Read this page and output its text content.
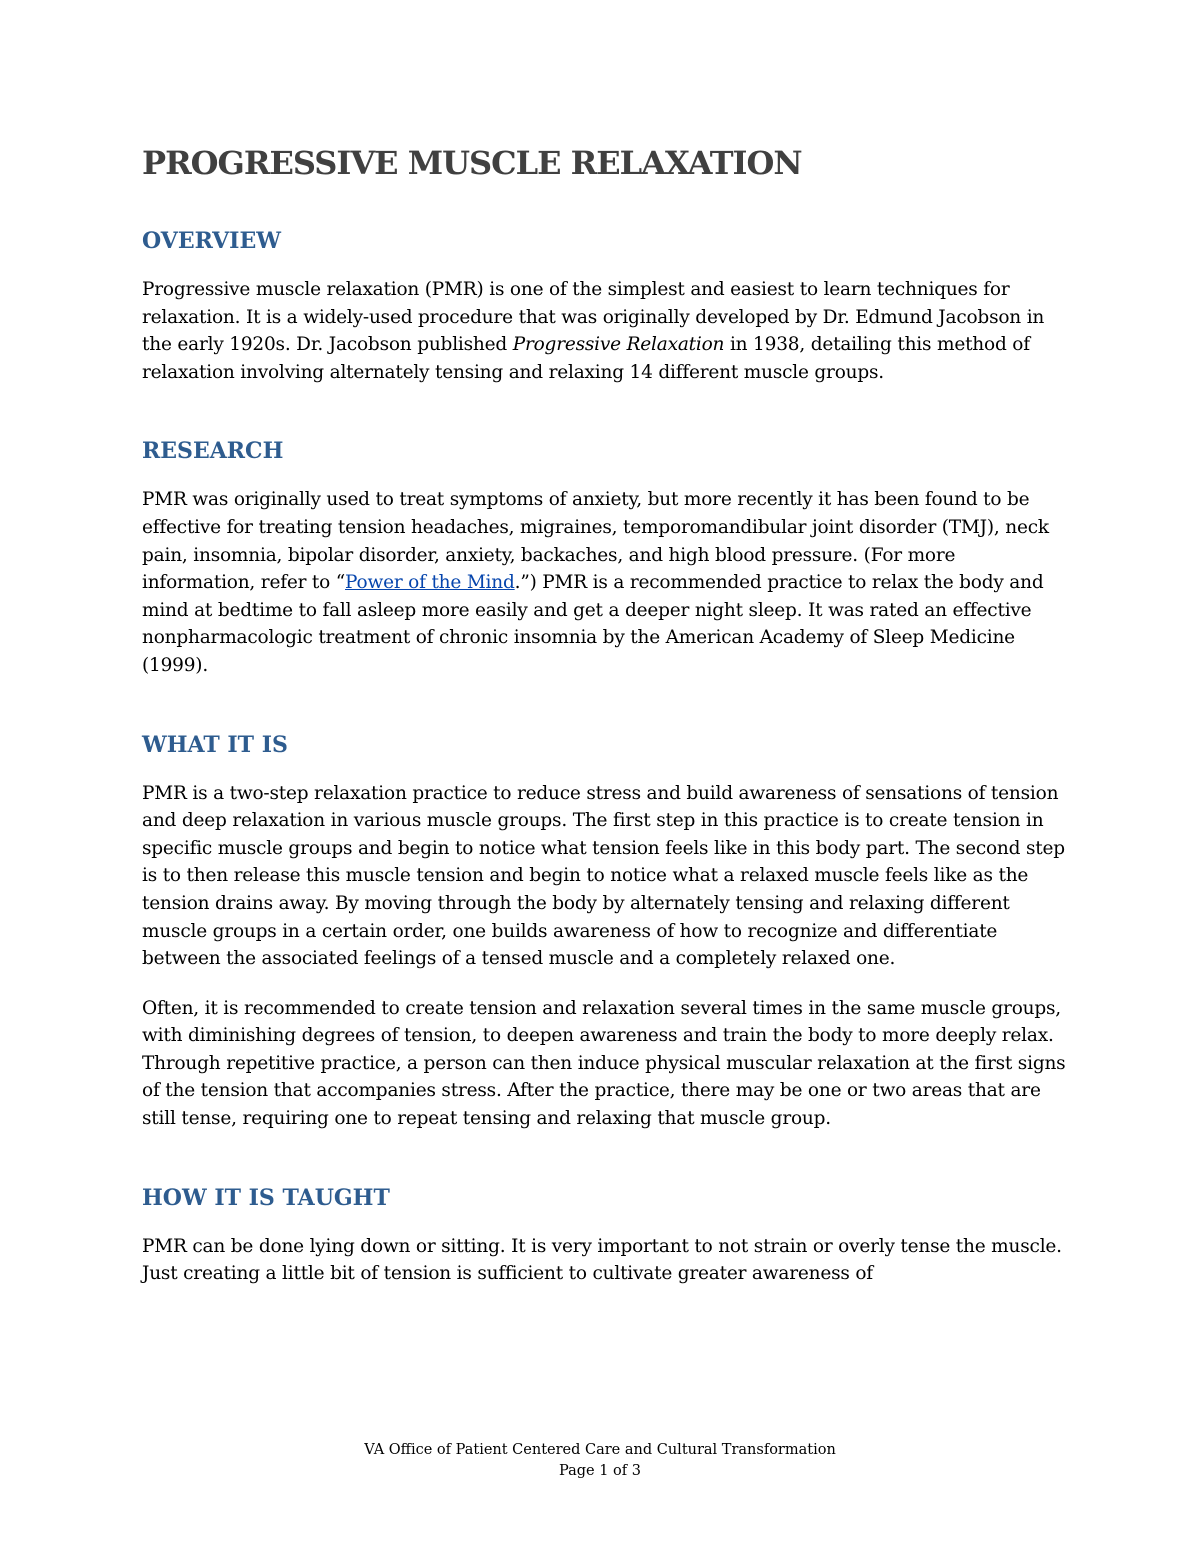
PROGRESSIVE MUSCLE RELAXATION
OVERVIEW

Progressive muscle relaxation (PMR) is one of the simplest and easiest to learn techniques for relaxation. It is a widely-used procedure that was originally developed by Dr. Edmund Jacobson in the early 1920s. Dr. Jacobson published Progressive Relaxation in 1938, detailing this method of relaxation involving alternately tensing and relaxing 14 different muscle groups.

RESEARCH

PMR was originally used to treat symptoms of anxiety, but more recently it has been found to be effective for treating tension headaches, migraines, temporomandibular joint disorder (TMJ), neck pain, insomnia, bipolar disorder, anxiety, backaches, and high blood pressure. (For more information, refer to “Power of the Mind.”) PMR is a recommended practice to relax the body and mind at bedtime to fall asleep more easily and get a deeper night sleep. It was rated an effective nonpharmacologic treatment of chronic insomnia by the American Academy of Sleep Medicine (1999).

WHAT IT IS

PMR is a two-step relaxation practice to reduce stress and build awareness of sensations of tension and deep relaxation in various muscle groups. The first step in this practice is to create tension in specific muscle groups and begin to notice what tension feels like in this body part. The second step is to then release this muscle tension and begin to notice what a relaxed muscle feels like as the tension drains away. By moving through the body by alternately tensing and relaxing different muscle groups in a certain order, one builds awareness of how to recognize and differentiate between the associated feelings of a tensed muscle and a completely relaxed one.

Often, it is recommended to create tension and relaxation several times in the same muscle groups, with diminishing degrees of tension, to deepen awareness and train the body to more deeply relax. Through repetitive practice, a person can then induce physical muscular relaxation at the first signs of the tension that accompanies stress. After the practice, there may be one or two areas that are still tense, requiring one to repeat tensing and relaxing that muscle group.

HOW IT IS TAUGHT

PMR can be done lying down or sitting. It is very important to not strain or overly tense the muscle. Just creating a little bit of tension is sufficient to cultivate greater awareness of

VA Office of Patient Centered Care and Cultural Transformation
Page 1 of 3
